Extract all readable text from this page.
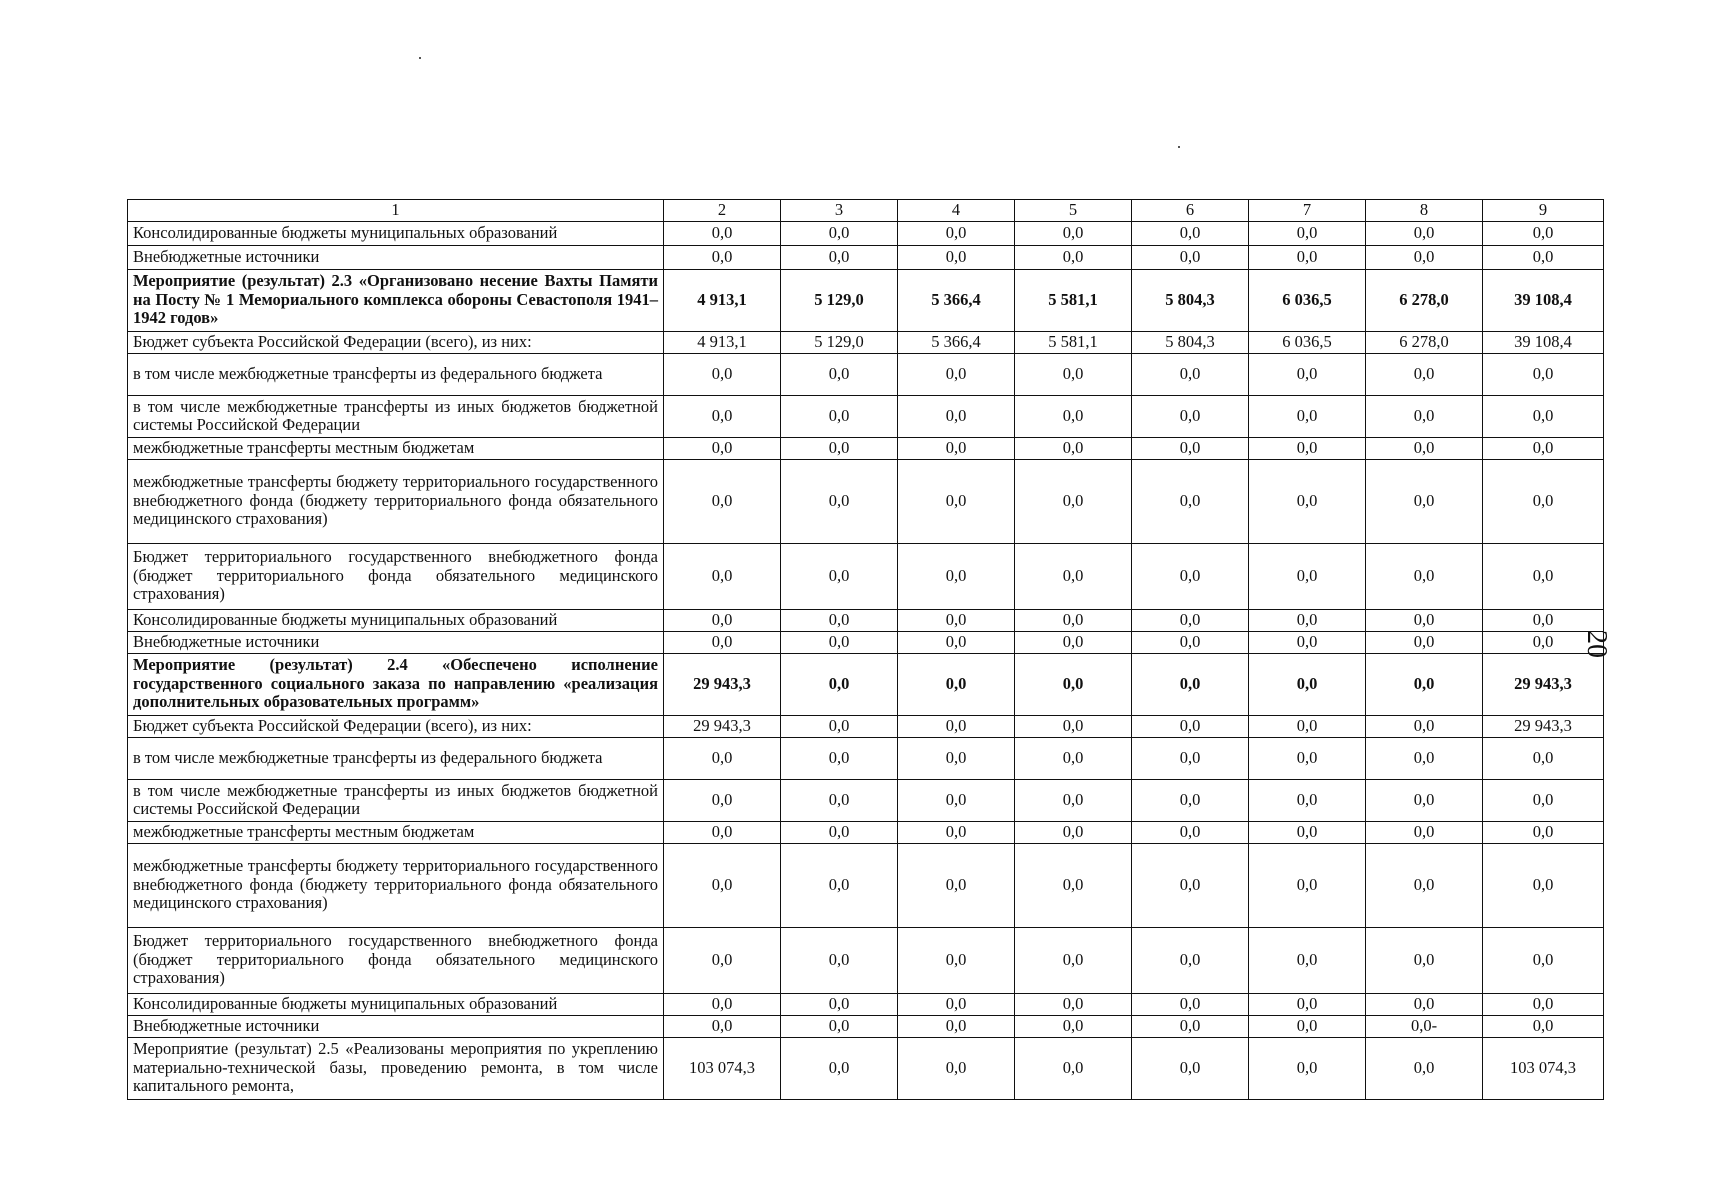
20
1	2	3	4	5	6	7	8	9
Консолидированные бюджеты муниципальных образований	0,0	0,0	0,0	0,0	0,0	0,0	0,0	0,0
Внебюджетные источники	0,0	0,0	0,0	0,0	0,0	0,0	0,0	0,0
Мероприятие (результат) 2.3 «Организовано несение Вахты Памяти на Посту № 1 Мемориального комплекса обороны Севастополя 1941–1942 годов»	4 913,1	5 129,0	5 366,4	5 581,1	5 804,3	6 036,5	6 278,0	39 108,4
Бюджет субъекта Российской Федерации (всего), из них:	4 913,1	5 129,0	5 366,4	5 581,1	5 804,3	6 036,5	6 278,0	39 108,4
в том числе межбюджетные трансферты из федерального бюджета	0,0	0,0	0,0	0,0	0,0	0,0	0,0	0,0
в том числе межбюджетные трансферты из иных бюджетов бюджетной системы Российской Федерации	0,0	0,0	0,0	0,0	0,0	0,0	0,0	0,0
межбюджетные трансферты местным бюджетам	0,0	0,0	0,0	0,0	0,0	0,0	0,0	0,0
межбюджетные трансферты бюджету территориального государственного внебюджетного фонда (бюджету территориального фонда обязательного медицинского страхования)	0,0	0,0	0,0	0,0	0,0	0,0	0,0	0,0
Бюджет территориального государственного внебюджетного фонда (бюджет территориального фонда обязательного медицинского страхования)	0,0	0,0	0,0	0,0	0,0	0,0	0,0	0,0
Консолидированные бюджеты муниципальных образований	0,0	0,0	0,0	0,0	0,0	0,0	0,0	0,0
Внебюджетные источники	0,0	0,0	0,0	0,0	0,0	0,0	0,0	0,0
Мероприятие (результат) 2.4 «Обеспечено исполнение государственного социального заказа по направлению «реализация дополнительных образовательных программ»	29 943,3	0,0	0,0	0,0	0,0	0,0	0,0	29 943,3
Бюджет субъекта Российской Федерации (всего), из них:	29 943,3	0,0	0,0	0,0	0,0	0,0	0,0	29 943,3
в том числе межбюджетные трансферты из федерального бюджета	0,0	0,0	0,0	0,0	0,0	0,0	0,0	0,0
в том числе межбюджетные трансферты из иных бюджетов бюджетной системы Российской Федерации	0,0	0,0	0,0	0,0	0,0	0,0	0,0	0,0
межбюджетные трансферты местным бюджетам	0,0	0,0	0,0	0,0	0,0	0,0	0,0	0,0
межбюджетные трансферты бюджету территориального государственного внебюджетного фонда (бюджету территориального фонда обязательного медицинского страхования)	0,0	0,0	0,0	0,0	0,0	0,0	0,0	0,0
Бюджет территориального государственного внебюджетного фонда (бюджет территориального фонда обязательного медицинского страхования)	0,0	0,0	0,0	0,0	0,0	0,0	0,0	0,0
Консолидированные бюджеты муниципальных образований	0,0	0,0	0,0	0,0	0,0	0,0	0,0	0,0
Внебюджетные источники	0,0	0,0	0,0	0,0	0,0	0,0	0,0-	0,0
Мероприятие (результат) 2.5 «Реализованы мероприятия по укреплению материально-технической базы, проведению ремонта, в том числе капитального ремонта,	103 074,3	0,0	0,0	0,0	0,0	0,0	0,0	103 074,3
